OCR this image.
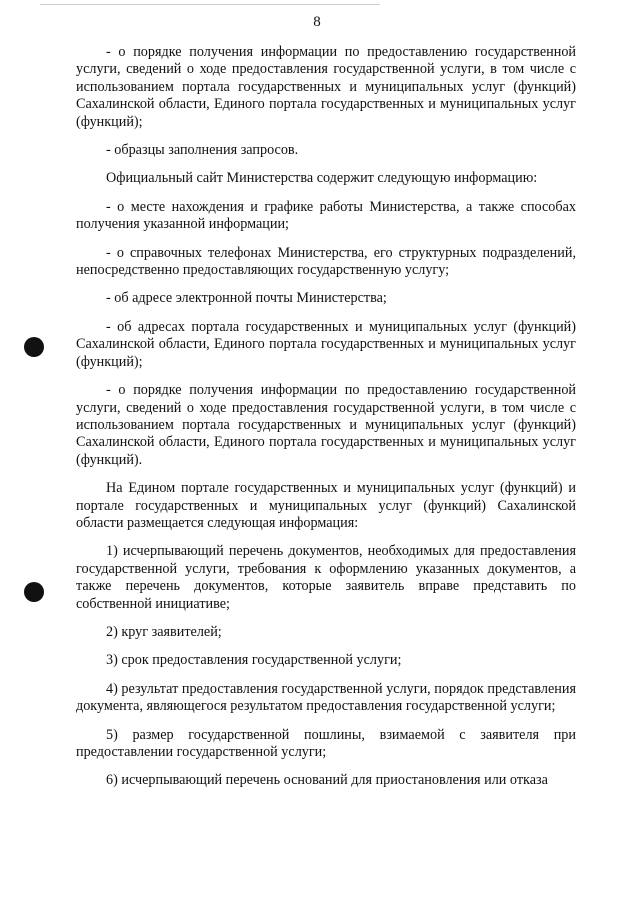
8

- о порядке получения информации по предоставлению государственной услуги, сведений о ходе предоставления государственной услуги, в том числе с использованием портала государственных и муниципальных услуг (функций) Сахалинской области, Единого портала государственных и муниципальных услуг (функций);

- образцы заполнения запросов.

Официальный сайт Министерства содержит следующую информацию:

- о месте нахождения и графике работы Министерства, а также способах получения указанной информации;

- о справочных телефонах Министерства, его структурных подразделений, непосредственно предоставляющих государственную услугу;

- об адресе электронной почты Министерства;

- об адресах портала государственных и муниципальных услуг (функций) Сахалинской области, Единого портала государственных и муниципальных услуг (функций);

- о порядке получения информации по предоставлению государственной услуги, сведений о ходе предоставления государственной услуги, в том числе с использованием портала государственных и муниципальных услуг (функций) Сахалинской области, Единого портала государственных и муниципальных услуг (функций).

На Едином портале государственных и муниципальных услуг (функций) и портале государственных и муниципальных услуг (функций) Сахалинской области размещается следующая информация:

1) исчерпывающий перечень документов, необходимых для предоставления государственной услуги, требования к оформлению указанных документов, а также перечень документов, которые заявитель вправе представить по собственной инициативе;

2) круг заявителей;

3) срок предоставления государственной услуги;

4) результат предоставления государственной услуги, порядок представления документа, являющегося результатом предоставления государственной услуги;

5) размер государственной пошлины, взимаемой с заявителя при предоставлении государственной услуги;

6) исчерпывающий перечень оснований для приостановления или отказа
